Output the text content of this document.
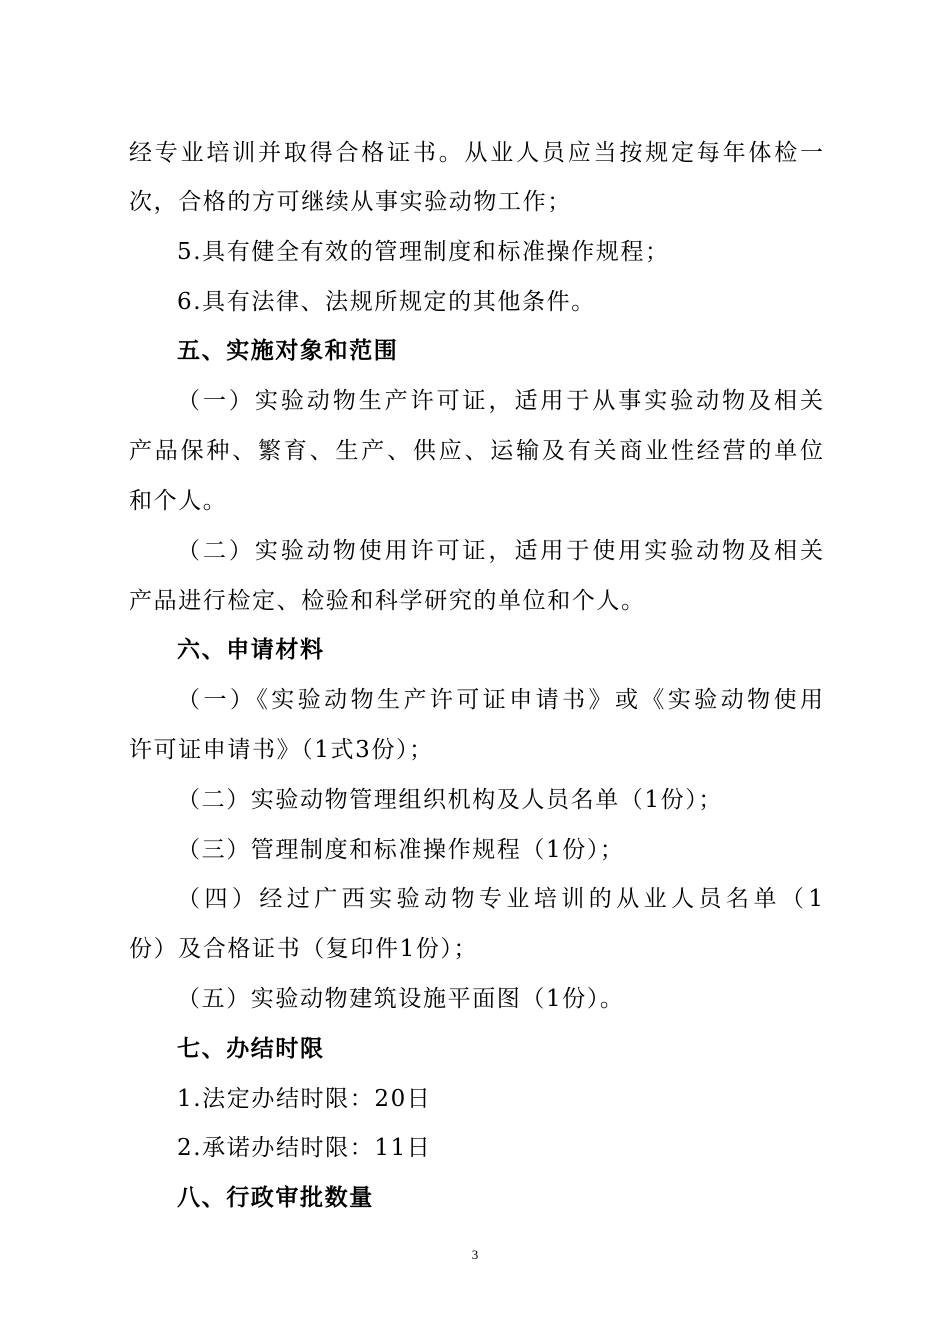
经专业培训并取得合格证书。从业人员应当按规定每年体检一
次，合格的方可继续从事实验动物工作；
5.具有健全有效的管理制度和标准操作规程；
6.具有法律、法规所规定的其他条件。
五、实施对象和范围
（一）实验动物生产许可证，适用于从事实验动物及相关
产品保种、繁育、生产、供应、运输及有关商业性经营的单位
和个人。
（二）实验动物使用许可证，适用于使用实验动物及相关
产品进行检定、检验和科学研究的单位和个人。
六、申请材料
（一）《实验动物生产许可证申请书》或《实验动物使用
许可证申请书》（1式3份）；
（二）实验动物管理组织机构及人员名单（1份）；
（三）管理制度和标准操作规程（1份）；
（四）经过广西实验动物专业培训的从业人员名单（1
份）及合格证书（复印件1份）；
（五）实验动物建筑设施平面图（1份）。
七、办结时限
1.法定办结时限：20日
2.承诺办结时限：11日
八、行政审批数量
3
